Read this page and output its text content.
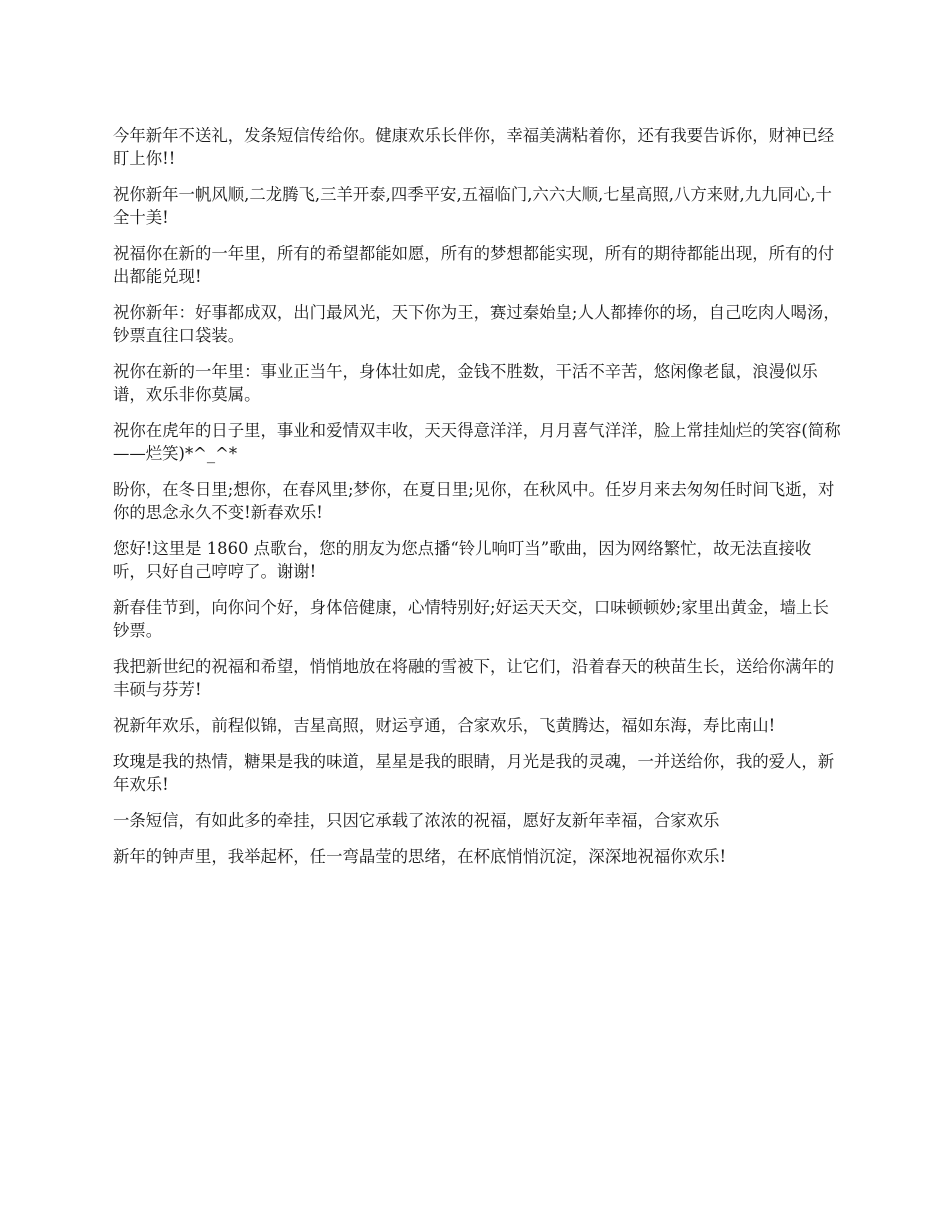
今年新年不送礼，发条短信传给你。健康欢乐长伴你，幸福美满粘着你，还有我要告诉你，财神已经盯上你!!

祝你新年一帆风顺,二龙腾飞,三羊开泰,四季平安,五福临门,六六大顺,七星高照,八方来财,九九同心,十全十美!

祝福你在新的一年里，所有的希望都能如愿，所有的梦想都能实现，所有的期待都能出现，所有的付出都能兑现!

祝你新年：好事都成双，出门最风光，天下你为王，赛过秦始皇;人人都捧你的场，自己吃肉人喝汤，钞票直往口袋装。

祝你在新的一年里：事业正当午，身体壮如虎，金钱不胜数，干活不辛苦，悠闲像老鼠，浪漫似乐谱，欢乐非你莫属。

祝你在虎年的日子里，事业和爱情双丰收，天天得意洋洋，月月喜气洋洋，脸上常挂灿烂的笑容(简称——烂笑)*^_^*

盼你，在冬日里;想你，在春风里;梦你，在夏日里;见你，在秋风中。任岁月来去匆匆任时间飞逝，对你的思念永久不变!新春欢乐!

您好!这里是 1860 点歌台，您的朋友为您点播“铃儿响叮当”歌曲，因为网络繁忙，故无法直接收听，只好自己哼哼了。谢谢!

新春佳节到，向你问个好，身体倍健康，心情特别好;好运天天交，口味顿顿妙;家里出黄金，墙上长钞票。

我把新世纪的祝福和希望，悄悄地放在将融的雪被下，让它们，沿着春天的秧苗生长，送给你满年的丰硕与芬芳!

祝新年欢乐，前程似锦，吉星高照，财运亨通，合家欢乐，飞黄腾达，福如东海，寿比南山!

玫瑰是我的热情，糖果是我的味道，星星是我的眼睛，月光是我的灵魂，一并送给你，我的爱人，新年欢乐!

一条短信，有如此多的牵挂，只因它承载了浓浓的祝福，愿好友新年幸福，合家欢乐

新年的钟声里，我举起杯，任一弯晶莹的思绪，在杯底悄悄沉淀，深深地祝福你欢乐!
